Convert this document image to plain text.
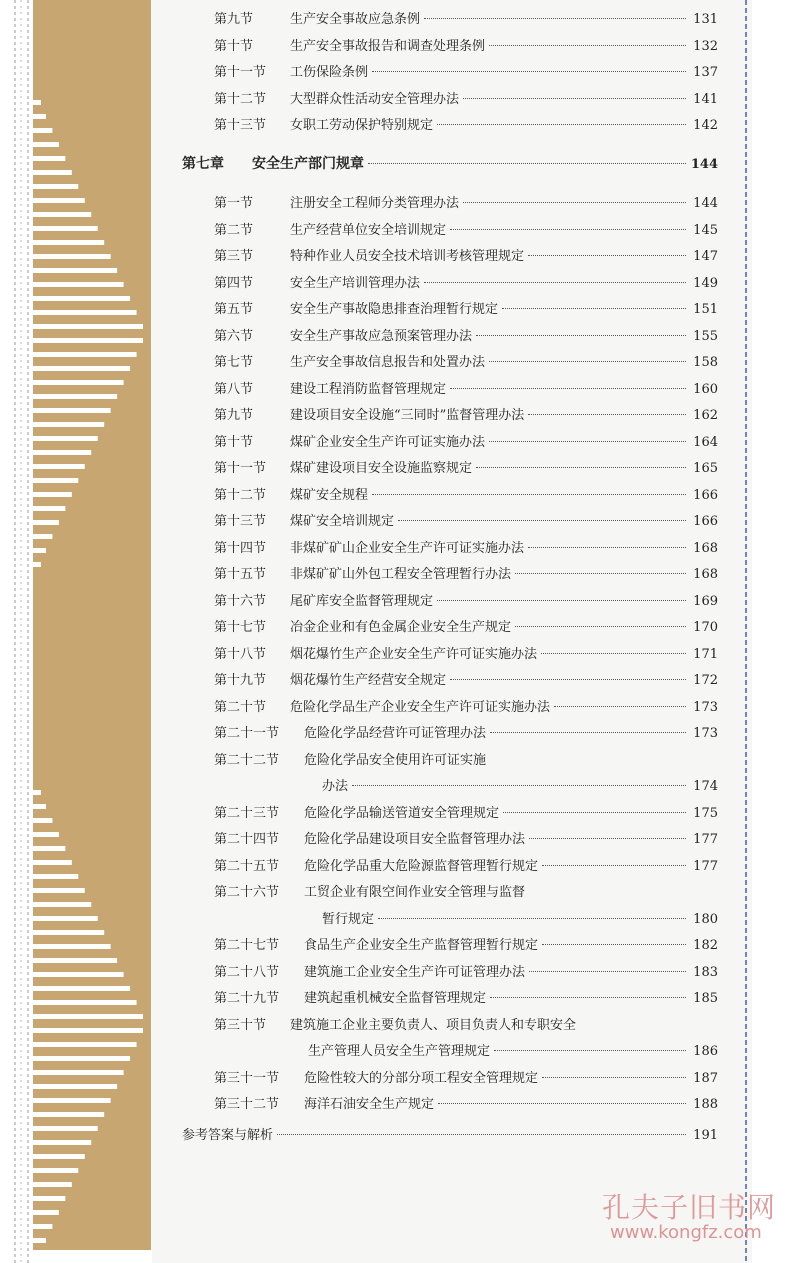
第九节	生产安全事故应急条例	131
第十节	生产安全事故报告和调查处理条例	132
第十一节	工伤保险条例	137
第十二节	大型群众性活动安全管理办法	141
第十三节	女职工劳动保护特别规定	142
第七章	安全生产部门规章	144
第一节	注册安全工程师分类管理办法	144
第二节	生产经营单位安全培训规定	145
第三节	特种作业人员安全技术培训考核管理规定	147
第四节	安全生产培训管理办法	149
第五节	安全生产事故隐患排查治理暂行规定	151
第六节	安全生产事故应急预案管理办法	155
第七节	生产安全事故信息报告和处置办法	158
第八节	建设工程消防监督管理规定	160
第九节	建设项目安全设施“三同时”监督管理办法	162
第十节	煤矿企业安全生产许可证实施办法	164
第十一节	煤矿建设项目安全设施监察规定	165
第十二节	煤矿安全规程	166
第十三节	煤矿安全培训规定	166
第十四节	非煤矿矿山企业安全生产许可证实施办法	168
第十五节	非煤矿矿山外包工程安全管理暂行办法	168
第十六节	尾矿库安全监督管理规定	169
第十七节	冶金企业和有色金属企业安全生产规定	170
第十八节	烟花爆竹生产企业安全生产许可证实施办法	171
第十九节	烟花爆竹生产经营安全规定	172
第二十节	危险化学品生产企业安全生产许可证实施办法	173
第二十一节	危险化学品经营许可证管理办法	173
第二十二节	危险化学品安全使用许可证实施
办法	174
第二十三节	危险化学品输送管道安全管理规定	175
第二十四节	危险化学品建设项目安全监督管理办法	177
第二十五节	危险化学品重大危险源监督管理暂行规定	177
第二十六节	工贸企业有限空间作业安全管理与监督
暂行规定	180
第二十七节	食品生产企业安全生产监督管理暂行规定	182
第二十八节	建筑施工企业安全生产许可证管理办法	183
第二十九节	建筑起重机械安全监督管理规定	185
第三十节	建筑施工企业主要负责人、项目负责人和专职安全
生产管理人员安全生产管理规定	186
第三十一节	危险性较大的分部分项工程安全管理规定	187
第三十二节	海洋石油安全生产规定	188
参考答案与解析	191
孔夫子旧书网
www.kongfz.com
